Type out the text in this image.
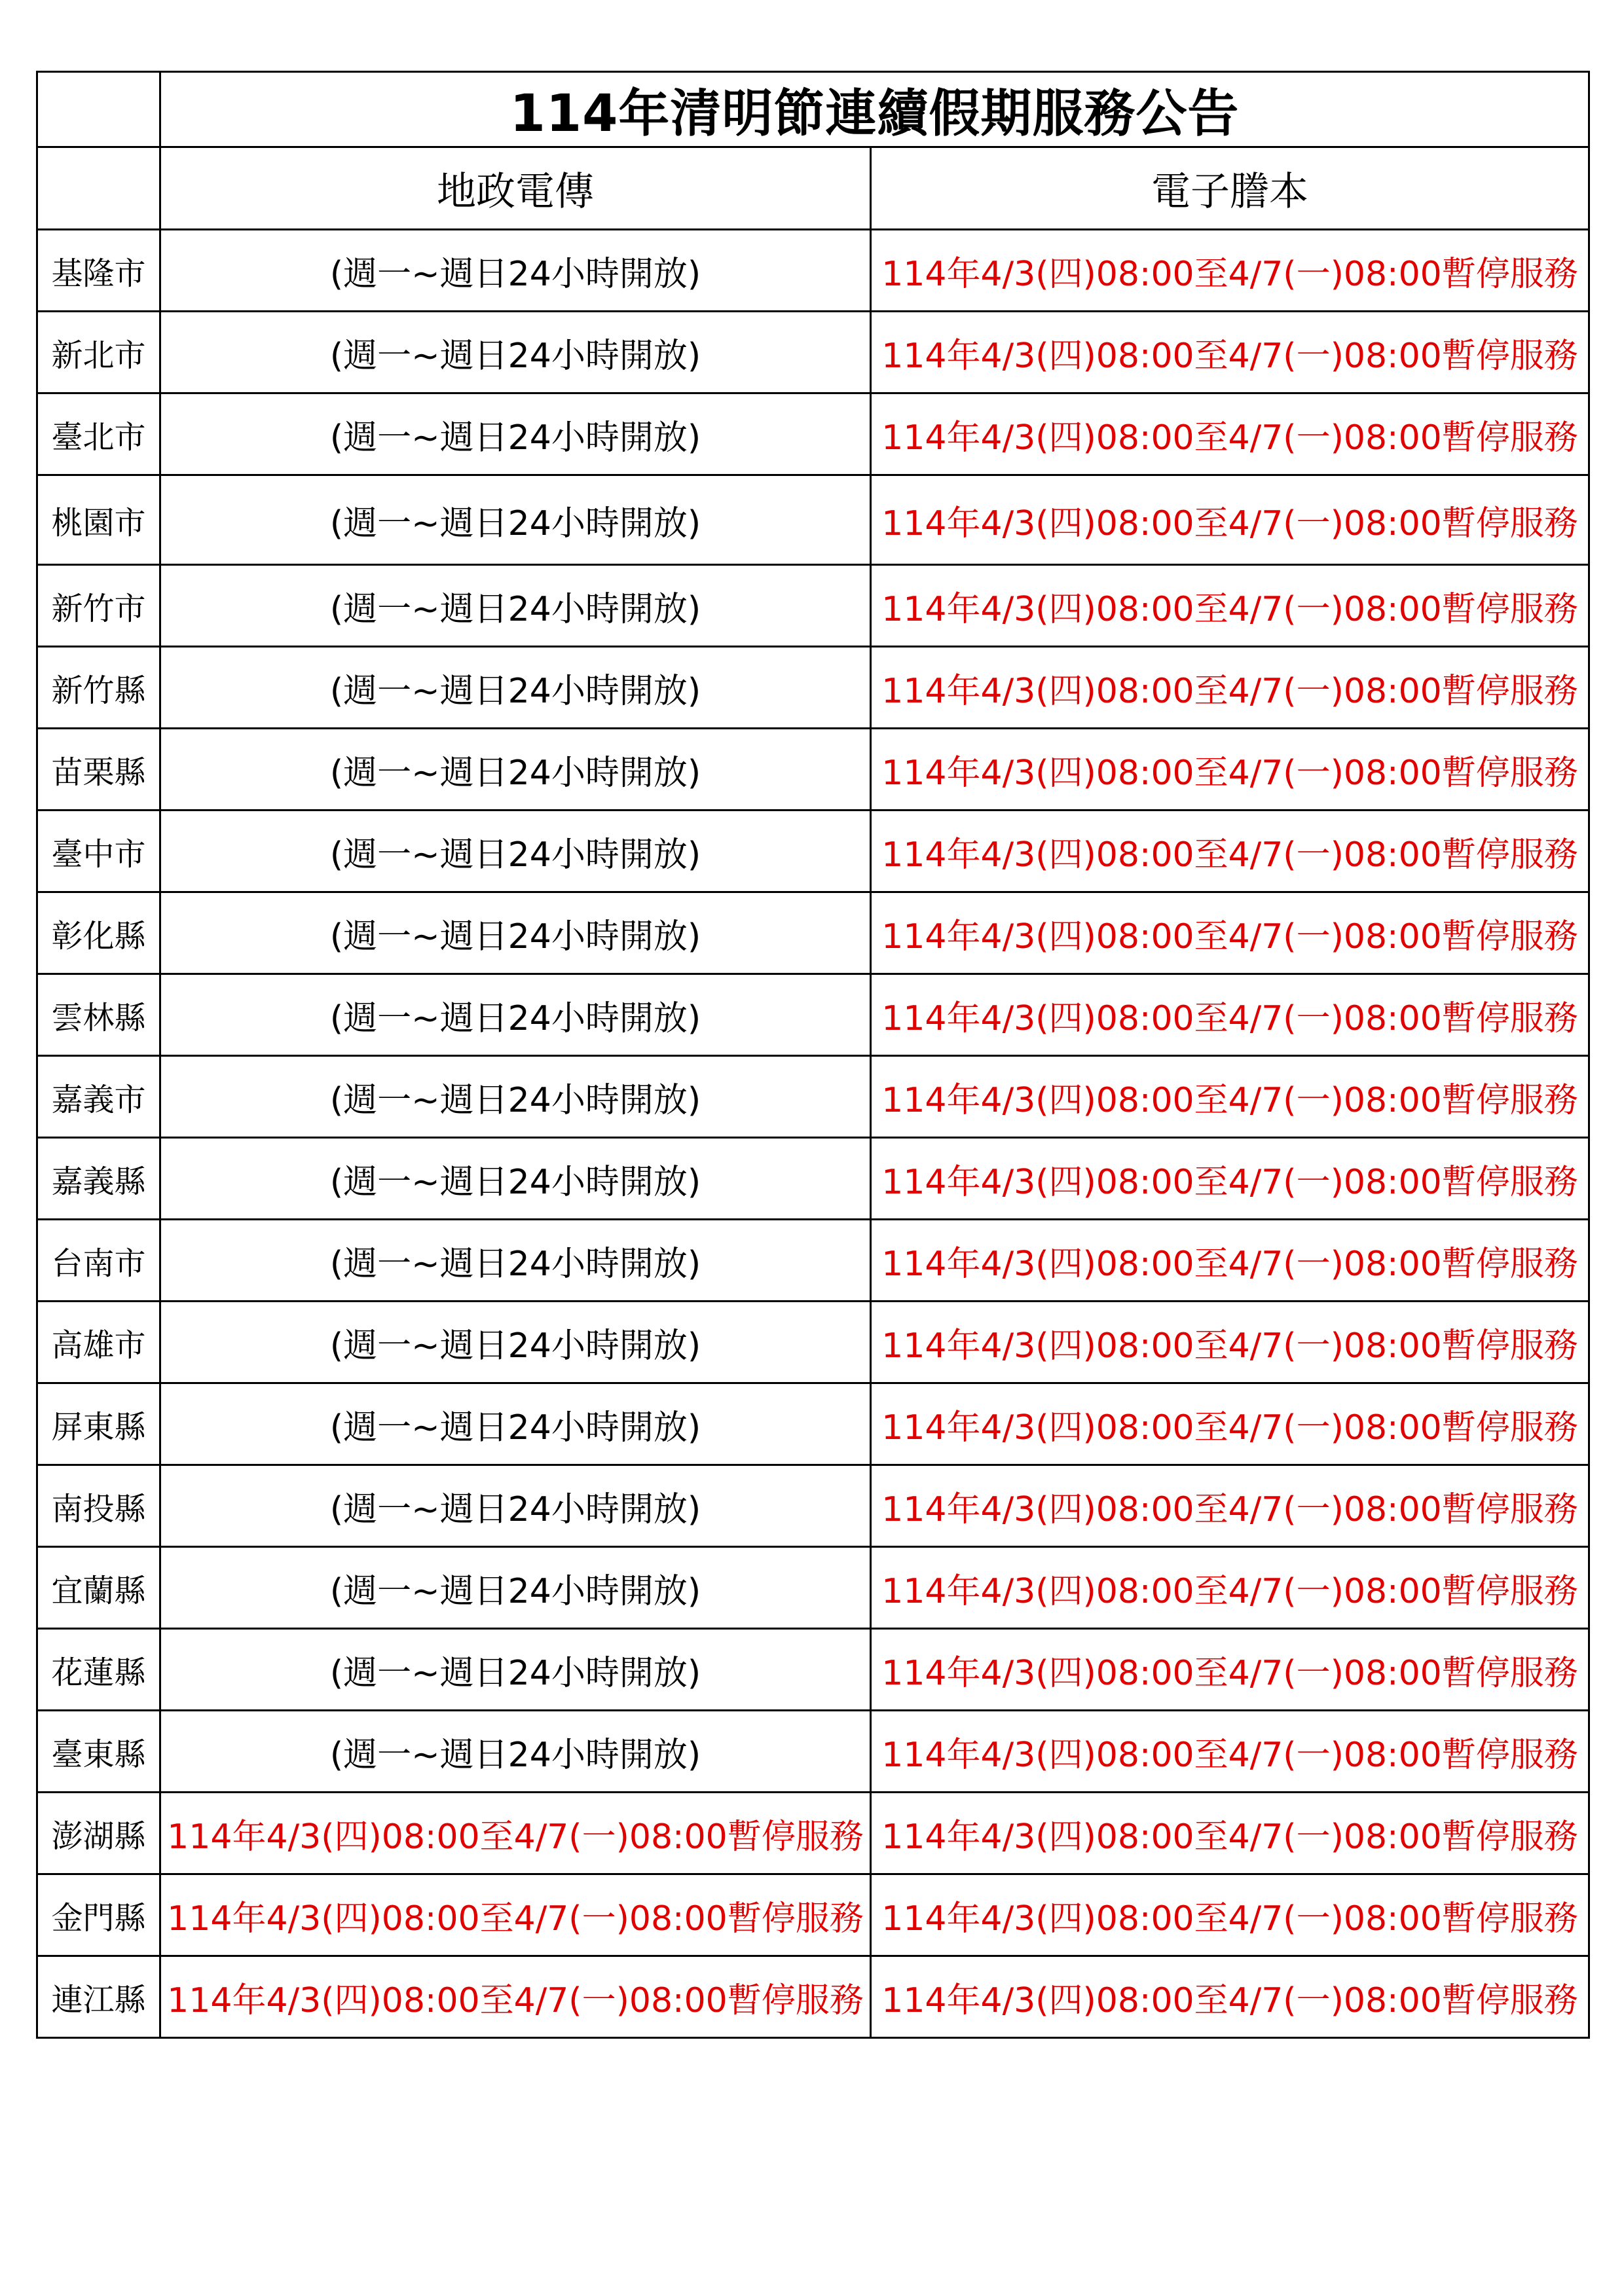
	114年清明節連續假期服務公告	
	地政電傳	電子謄本
基隆市	(週一~週日24小時開放)	114年4/3(四)08:00至4/7(一)08:00暫停服務
新北市	(週一~週日24小時開放)	114年4/3(四)08:00至4/7(一)08:00暫停服務
臺北市	(週一~週日24小時開放)	114年4/3(四)08:00至4/7(一)08:00暫停服務
桃園市	(週一~週日24小時開放)	114年4/3(四)08:00至4/7(一)08:00暫停服務
新竹市	(週一~週日24小時開放)	114年4/3(四)08:00至4/7(一)08:00暫停服務
新竹縣	(週一~週日24小時開放)	114年4/3(四)08:00至4/7(一)08:00暫停服務
苗栗縣	(週一~週日24小時開放)	114年4/3(四)08:00至4/7(一)08:00暫停服務
臺中市	(週一~週日24小時開放)	114年4/3(四)08:00至4/7(一)08:00暫停服務
彰化縣	(週一~週日24小時開放)	114年4/3(四)08:00至4/7(一)08:00暫停服務
雲林縣	(週一~週日24小時開放)	114年4/3(四)08:00至4/7(一)08:00暫停服務
嘉義市	(週一~週日24小時開放)	114年4/3(四)08:00至4/7(一)08:00暫停服務
嘉義縣	(週一~週日24小時開放)	114年4/3(四)08:00至4/7(一)08:00暫停服務
台南市	(週一~週日24小時開放)	114年4/3(四)08:00至4/7(一)08:00暫停服務
高雄市	(週一~週日24小時開放)	114年4/3(四)08:00至4/7(一)08:00暫停服務
屏東縣	(週一~週日24小時開放)	114年4/3(四)08:00至4/7(一)08:00暫停服務
南投縣	(週一~週日24小時開放)	114年4/3(四)08:00至4/7(一)08:00暫停服務
宜蘭縣	(週一~週日24小時開放)	114年4/3(四)08:00至4/7(一)08:00暫停服務
花蓮縣	(週一~週日24小時開放)	114年4/3(四)08:00至4/7(一)08:00暫停服務
臺東縣	(週一~週日24小時開放)	114年4/3(四)08:00至4/7(一)08:00暫停服務
澎湖縣	114年4/3(四)08:00至4/7(一)08:00暫停服務	114年4/3(四)08:00至4/7(一)08:00暫停服務
金門縣	114年4/3(四)08:00至4/7(一)08:00暫停服務	114年4/3(四)08:00至4/7(一)08:00暫停服務
連江縣	114年4/3(四)08:00至4/7(一)08:00暫停服務	114年4/3(四)08:00至4/7(一)08:00暫停服務
